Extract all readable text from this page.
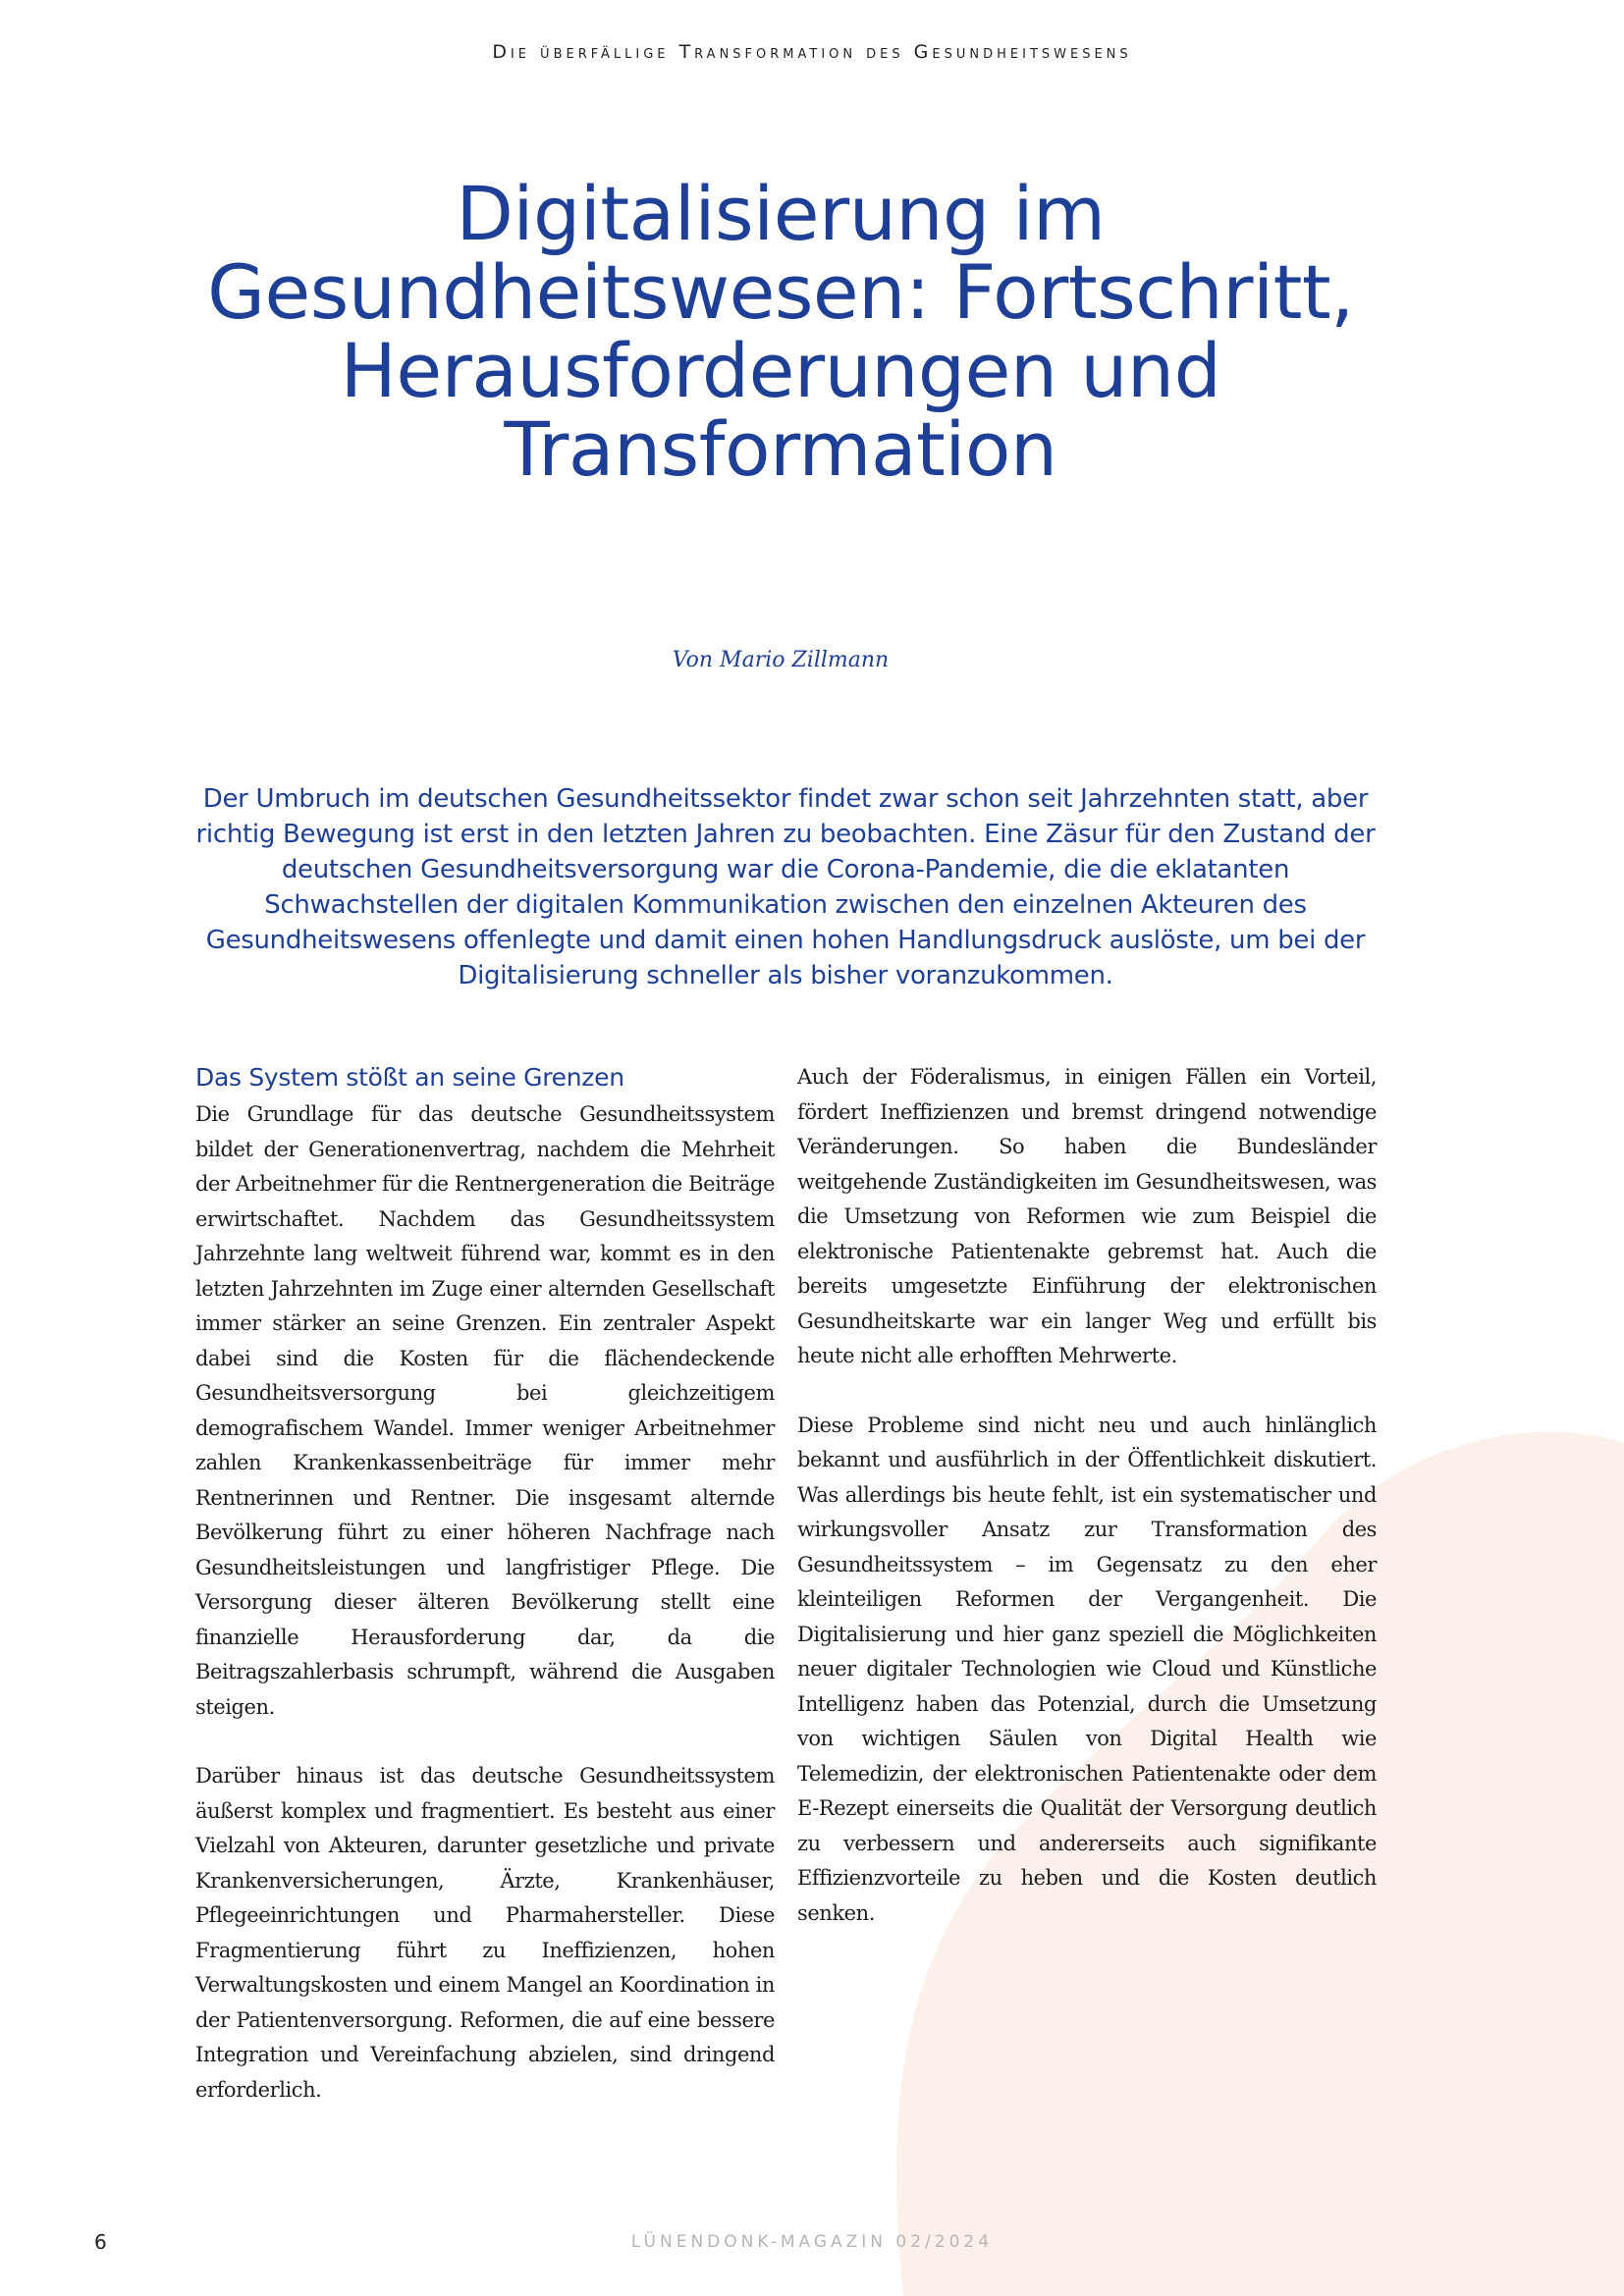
Die überfällige Transformation des Gesundheitswesens
Digitalisierung im
Gesundheitswesen: Fortschritt,
Herausforderungen und
Transformation
Von Mario Zillmann

Der Umbruch im deutschen Gesundheitssektor findet zwar schon seit Jahrzehnten statt, aber richtig Bewegung ist erst in den letzten Jahren zu beobachten. Eine Zäsur für den Zustand der deutschen Gesundheitsversorgung war die Corona-Pandemie, die die eklatanten Schwachstellen der digitalen Kommunikation zwischen den einzelnen Akteuren des Gesundheitswesens offenlegte und damit einen hohen Handlungsdruck auslöste, um bei der Digitalisierung schneller als bisher voranzukommen.

Das System stößt an seine Grenzen

Die Grundlage für das deutsche Gesundheitssystem bildet der Generationenvertrag, nachdem die Mehrheit der Arbeitnehmer für die Rentnergeneration die Beiträge erwirtschaftet. Nachdem das Gesundheitssystem Jahrzehnte lang weltweit führend war, kommt es in den letzten Jahrzehnten im Zuge einer alternden Gesellschaft immer stärker an seine Grenzen. Ein zentraler Aspekt dabei sind die Kosten für die flächendeckende Gesundheitsversorgung bei gleichzeitigem demografischem Wandel. Immer weniger Arbeitnehmer zahlen Krankenkassenbeiträge für immer mehr Rentnerinnen und Rentner. Die insgesamt alternde Bevölkerung führt zu einer höheren Nachfrage nach Gesundheitsleistungen und langfristiger Pflege. Die Versorgung dieser älteren Bevölkerung stellt eine finanzielle Herausforderung dar, da die Beitragszahlerbasis schrumpft, während die Ausgaben steigen.

Darüber hinaus ist das deutsche Gesundheitssystem äußerst komplex und fragmentiert. Es besteht aus einer Vielzahl von Akteuren, darunter gesetzliche und private Krankenversicherungen, Ärzte, Krankenhäuser, Pflegeeinrichtungen und Pharmahersteller. Diese Fragmentierung führt zu Ineffizienzen, hohen Verwaltungskosten und einem Mangel an Koordination in der Patientenversorgung. Reformen, die auf eine bessere Integration und Vereinfachung abzielen, sind dringend erforderlich.

Auch der Föderalismus, in einigen Fällen ein Vorteil, fördert Ineffizienzen und bremst dringend notwendige Veränderungen. So haben die Bundesländer weitgehende Zuständigkeiten im Gesundheitswesen, was die Umsetzung von Reformen wie zum Beispiel die elektronische Patientenakte gebremst hat. Auch die bereits umgesetzte Einführung der elektronischen Gesundheitskarte war ein langer Weg und erfüllt bis heute nicht alle erhofften Mehrwerte.

Diese Probleme sind nicht neu und auch hinlänglich bekannt und ausführlich in der Öffentlichkeit diskutiert. Was allerdings bis heute fehlt, ist ein systematischer und wirkungsvoller Ansatz zur Transformation des Gesundheitssystem – im Gegensatz zu den eher kleinteiligen Reformen der Vergangenheit. Die Digitalisierung und hier ganz speziell die Möglichkeiten neuer digitaler Technologien wie Cloud und Künstliche Intelligenz haben das Potenzial, durch die Umsetzung von wichtigen Säulen von Digital Health wie Telemedizin, der elektronischen Patientenakte oder dem E-Rezept einerseits die Qualität der Versorgung deutlich zu verbessern und andererseits auch signifikante Effizienzvorteile zu heben und die Kosten deutlich senken.

6	LÜNENDONK-MAGAZIN 02/2024
